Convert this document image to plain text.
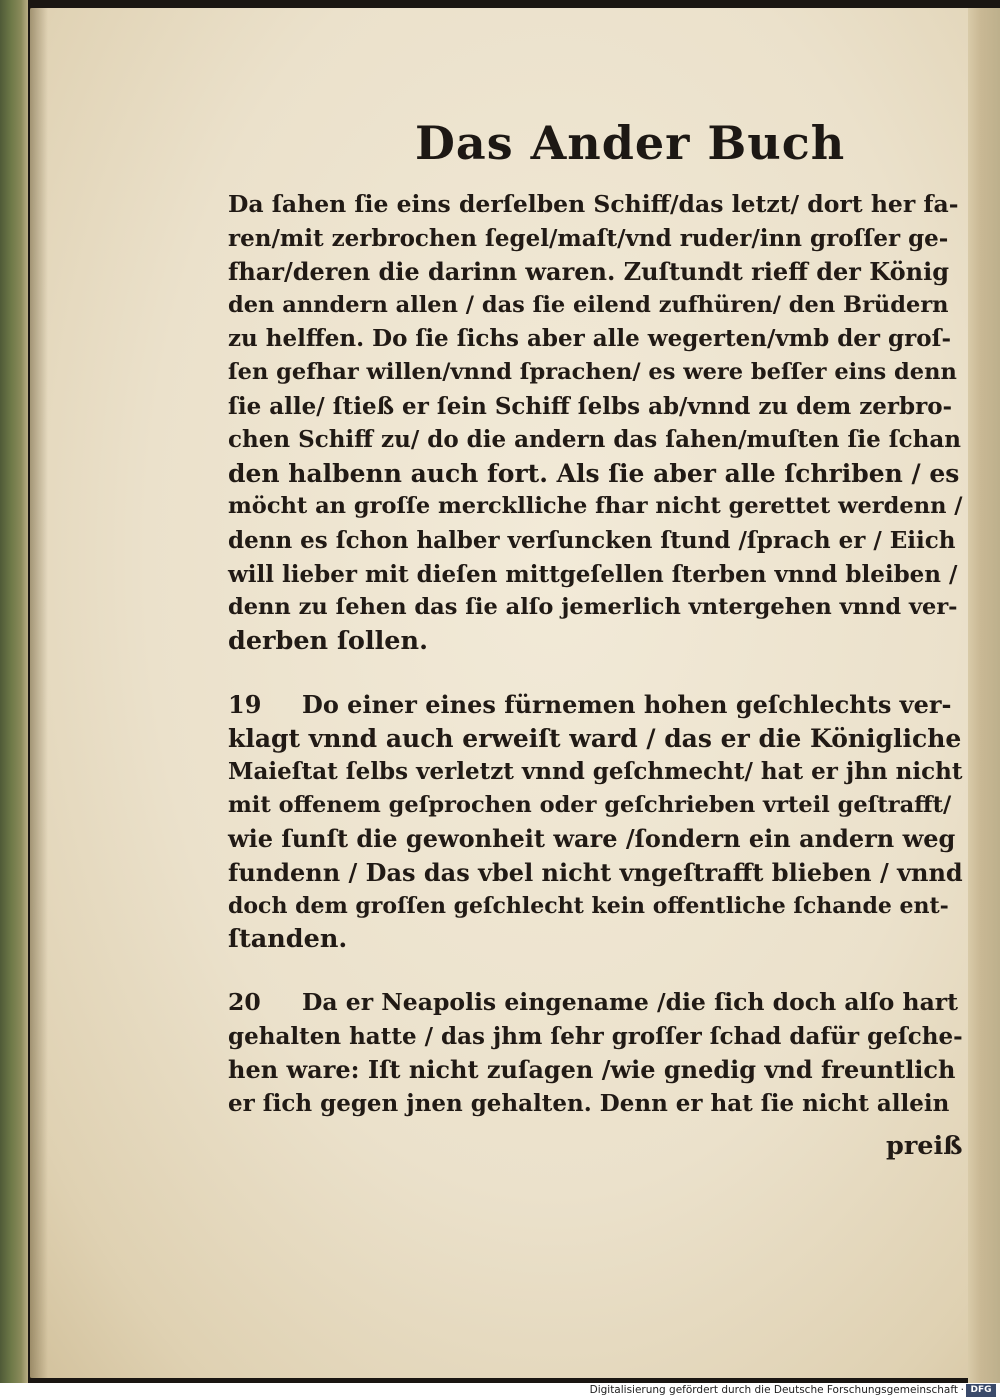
Das Ander Buch
Da ſahen ſie eins derſelben Schiff/das letzt/ dort her fa-
ren/mit zerbrochen ſegel/maſt/vnd ruder/inn groſſer ge-
fhar/deren die darinn waren. Zuſtundt rieff der König
den anndern allen / das ſie eilend zufhüren/ den Brüdern
zu helffen. Do ſie ſichs aber alle wegerten/vmb der groſ-
ſen gefhar willen/vnnd ſprachen/ es were beſſer eins denn
ſie alle/ ſtieß er ſein Schiff ſelbs ab/vnnd zu dem zerbro-
chen Schiff zu/ do die andern das ſahen/muſten ſie ſchan
den halbenn auch fort. Als ſie aber alle ſchriben / es
möcht an groſſe mercklliche fhar nicht gerettet werdenn /
denn es ſchon halber verſuncken ſtund /ſprach er / Eiich
will lieber mit dieſen mittgeſellen ſterben vnnd bleiben /
denn zu ſehen das ſie alſo jemerlich vntergehen vnnd ver-
derben ſollen.
19 Do einer eines fürnemen hohen geſchlechts ver-
klagt vnnd auch erweiſt ward / das er die Königliche
Maieſtat ſelbs verletzt vnnd geſchmecht/ hat er jhn nicht
mit offenem geſprochen oder geſchrieben vrteil geſtrafft/
wie ſunſt die gewonheit ware /ſondern ein andern weg
fundenn / Das das vbel nicht vngeſtrafft blieben / vnnd
doch dem groſſen geſchlecht kein offentliche ſchande ent-
ſtanden.
20 Da er Neapolis eingename /die ſich doch alſo hart
gehalten hatte / das jhm ſehr groſſer ſchad dafür geſche-
hen ware: Iſt nicht zuſagen /wie gnedig vnd freuntlich
er ſich gegen jnen gehalten. Denn er hat ſie nicht allein
preiß
Digitalisierung gefördert durch die Deutsche Forschungsgemeinschaft · DFG
